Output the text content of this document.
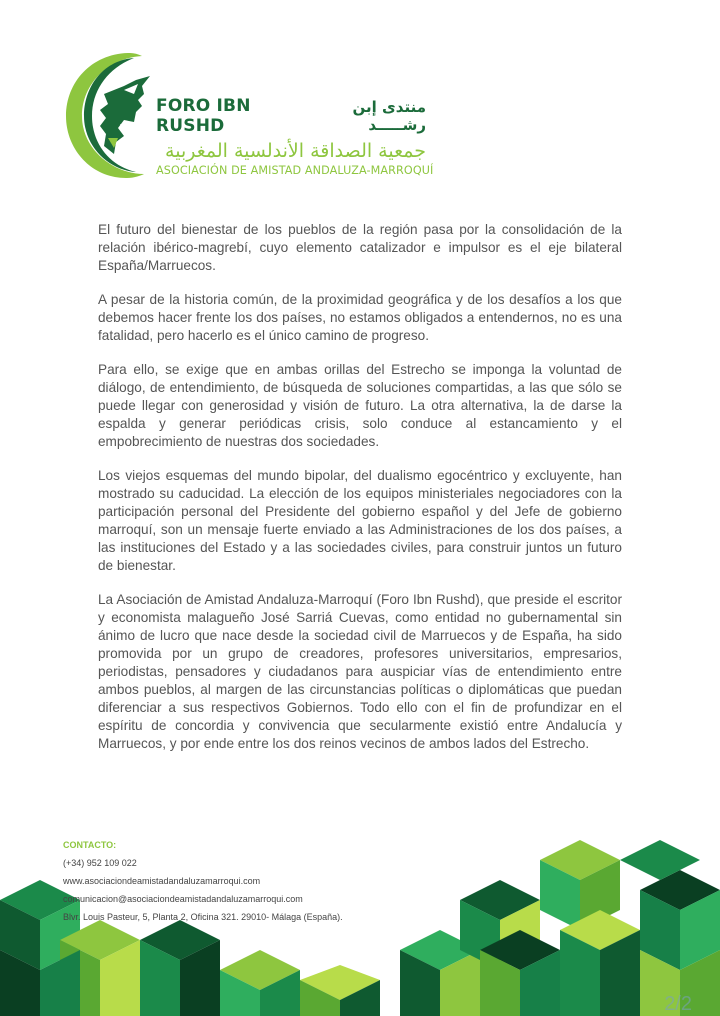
FORO IBN RUSHD
منتدى إبن رشـــــد
جمعية الصداقة الأندلسية المغربية
ASOCIACIÓN DE AMISTAD ANDALUZA-MARROQUÍ

El futuro del bienestar de los pueblos de la región pasa por la consolidación de la relación ibérico-magrebí, cuyo elemento catalizador e impulsor es el eje bilateral España/Marruecos.

A pesar de la historia común, de la proximidad geográfica y de los desafíos a los que debemos hacer frente los dos países, no estamos obligados a entendernos, no es una fatalidad, pero hacerlo es el único camino de progreso.

Para ello, se exige que en ambas orillas del Estrecho se imponga la voluntad de diálogo, de entendimiento, de búsqueda de soluciones compartidas, a las que sólo se puede llegar con generosidad y visión de futuro. La otra alternativa, la de darse la espalda y generar periódicas crisis, solo conduce al estancamiento y el empobrecimiento de nuestras dos sociedades.

Los viejos esquemas del mundo bipolar, del dualismo egocéntrico y excluyente, han mostrado su caducidad. La elección de los equipos ministeriales negociadores con la participación personal del Presidente del gobierno español y del Jefe de gobierno marroquí, son un mensaje fuerte enviado a las Administraciones de los dos países, a las instituciones del Estado y a las sociedades civiles, para construir juntos un futuro de bienestar.

La Asociación de Amistad Andaluza-Marroquí (Foro Ibn Rushd), que preside el escritor y economista malagueño José Sarriá Cuevas, como entidad no gubernamental sin ánimo de lucro que nace desde la sociedad civil de Marruecos y de España, ha sido promovida por un grupo de creadores, profesores universitarios, empresarios, periodistas, pensadores y ciudadanos para auspiciar vías de entendimiento entre ambos pueblos, al margen de las circunstancias políticas o diplomáticas que puedan diferenciar a sus respectivos Gobiernos. Todo ello con el fin de profundizar en el espíritu de concordia y convivencia que secularmente existió entre Andalucía y Marruecos, y por ende entre los dos reinos vecinos de ambos lados del Estrecho.

CONTACTO:
(+34) 952 109 022
www.asociaciondeamistadandaluzamarroqui.com
comunicacion@asociaciondeamistadandaluzamarroqui.com
Blvr. Louis Pasteur, 5, Planta 2, Oficina 321. 29010- Málaga (España).
2/2
